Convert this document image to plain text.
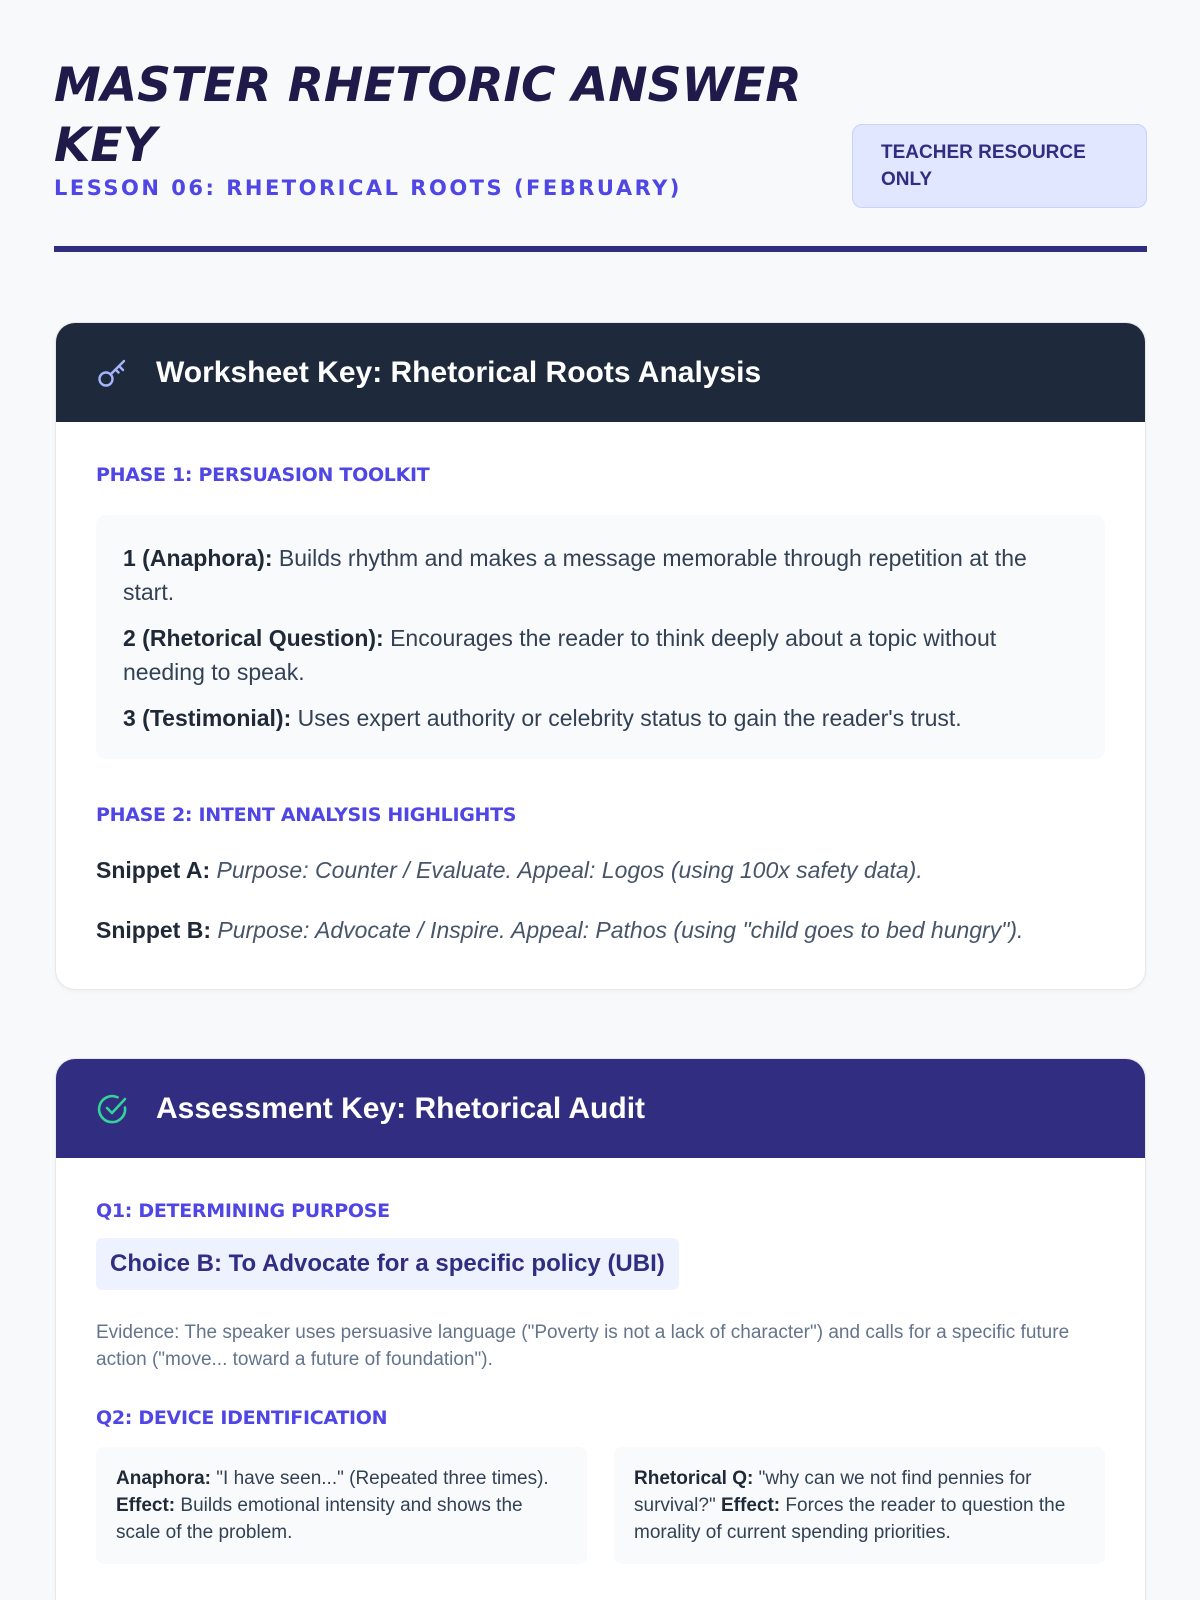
MASTER RHETORIC ANSWER KEY
LESSON 06: RHETORICAL ROOTS (FEBRUARY)
TEACHER RESOURCE ONLY
Worksheet Key: Rhetorical Roots Analysis
PHASE 1: PERSUASION TOOLKIT

1 (Anaphora): Builds rhythm and makes a message memorable through repetition at the start.

2 (Rhetorical Question): Encourages the reader to think deeply about a topic without needing to speak.

3 (Testimonial): Uses expert authority or celebrity status to gain the reader's trust.

PHASE 2: INTENT ANALYSIS HIGHLIGHTS
Snippet A: Purpose: Counter / Evaluate. Appeal: Logos (using 100x safety data).
Snippet B: Purpose: Advocate / Inspire. Appeal: Pathos (using "child goes to bed hungry").
Assessment Key: Rhetorical Audit
Q1: DETERMINING PURPOSE
Choice B: To Advocate for a specific policy (UBI)
Evidence: The speaker uses persuasive language ("Poverty is not a lack of character") and calls for a specific future action ("move... toward a future of foundation").
Q2: DEVICE IDENTIFICATION
Anaphora: "I have seen..." (Repeated three times). Effect: Builds emotional intensity and shows the scale of the problem.
Rhetorical Q: "why can we not find pennies for survival?" Effect: Forces the reader to question the morality of current spending priorities.
